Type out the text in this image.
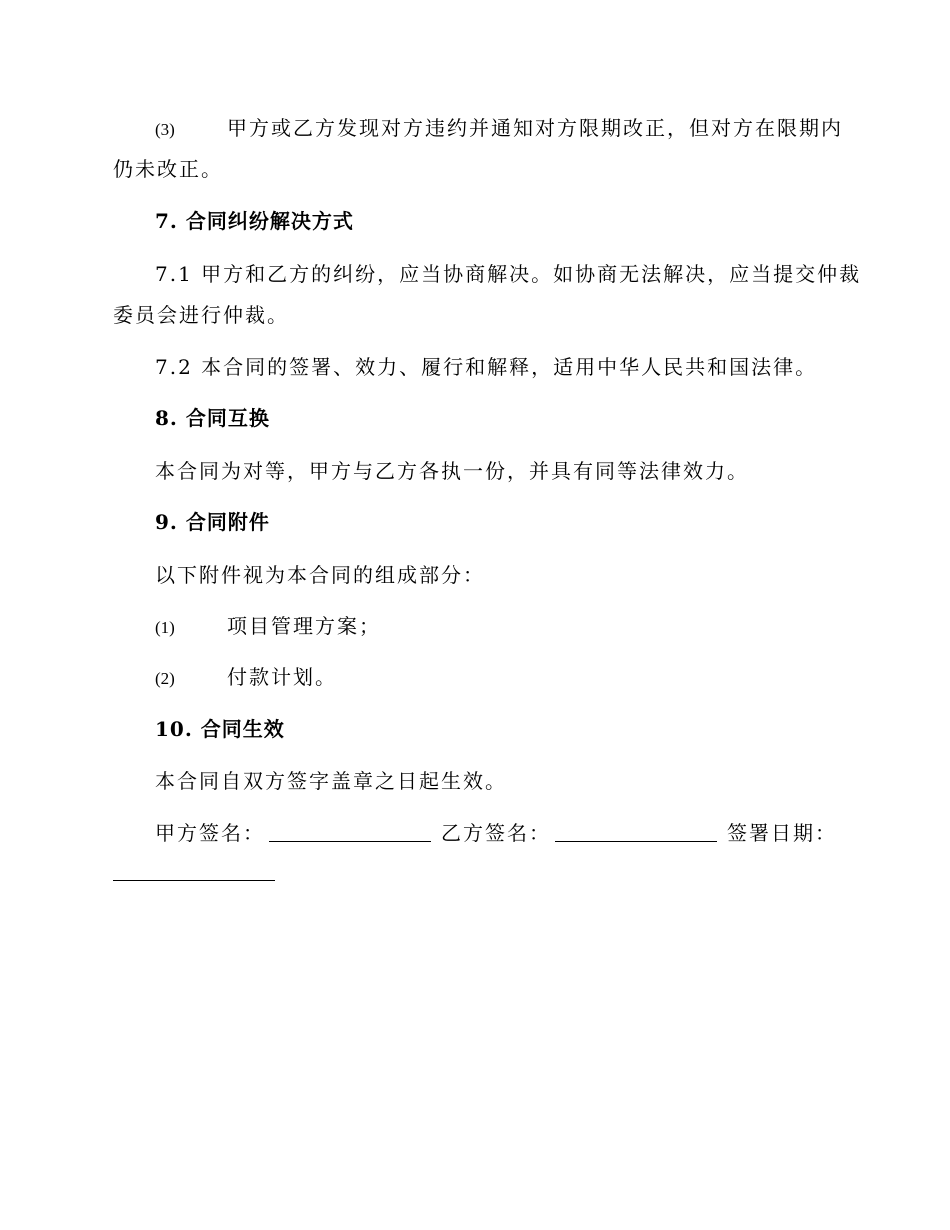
(3)	甲方或乙方发现对方违约并通知对方限期改正，但对方在限期内
仍未改正。
7. 合同纠纷解决方式
7.1 甲方和乙方的纠纷，应当协商解决。如协商无法解决，应当提交仲裁
委员会进行仲裁。
7.2 本合同的签署、效力、履行和解释，适用中华人民共和国法律。
8. 合同互换
本合同为对等，甲方与乙方各执一份，并具有同等法律效力。
9. 合同附件
以下附件视为本合同的组成部分：
(1)	项目管理方案；
(2)	付款计划。
10. 合同生效
本合同自双方签字盖章之日起生效。
甲方签名：	乙方签名：	签署日期：
